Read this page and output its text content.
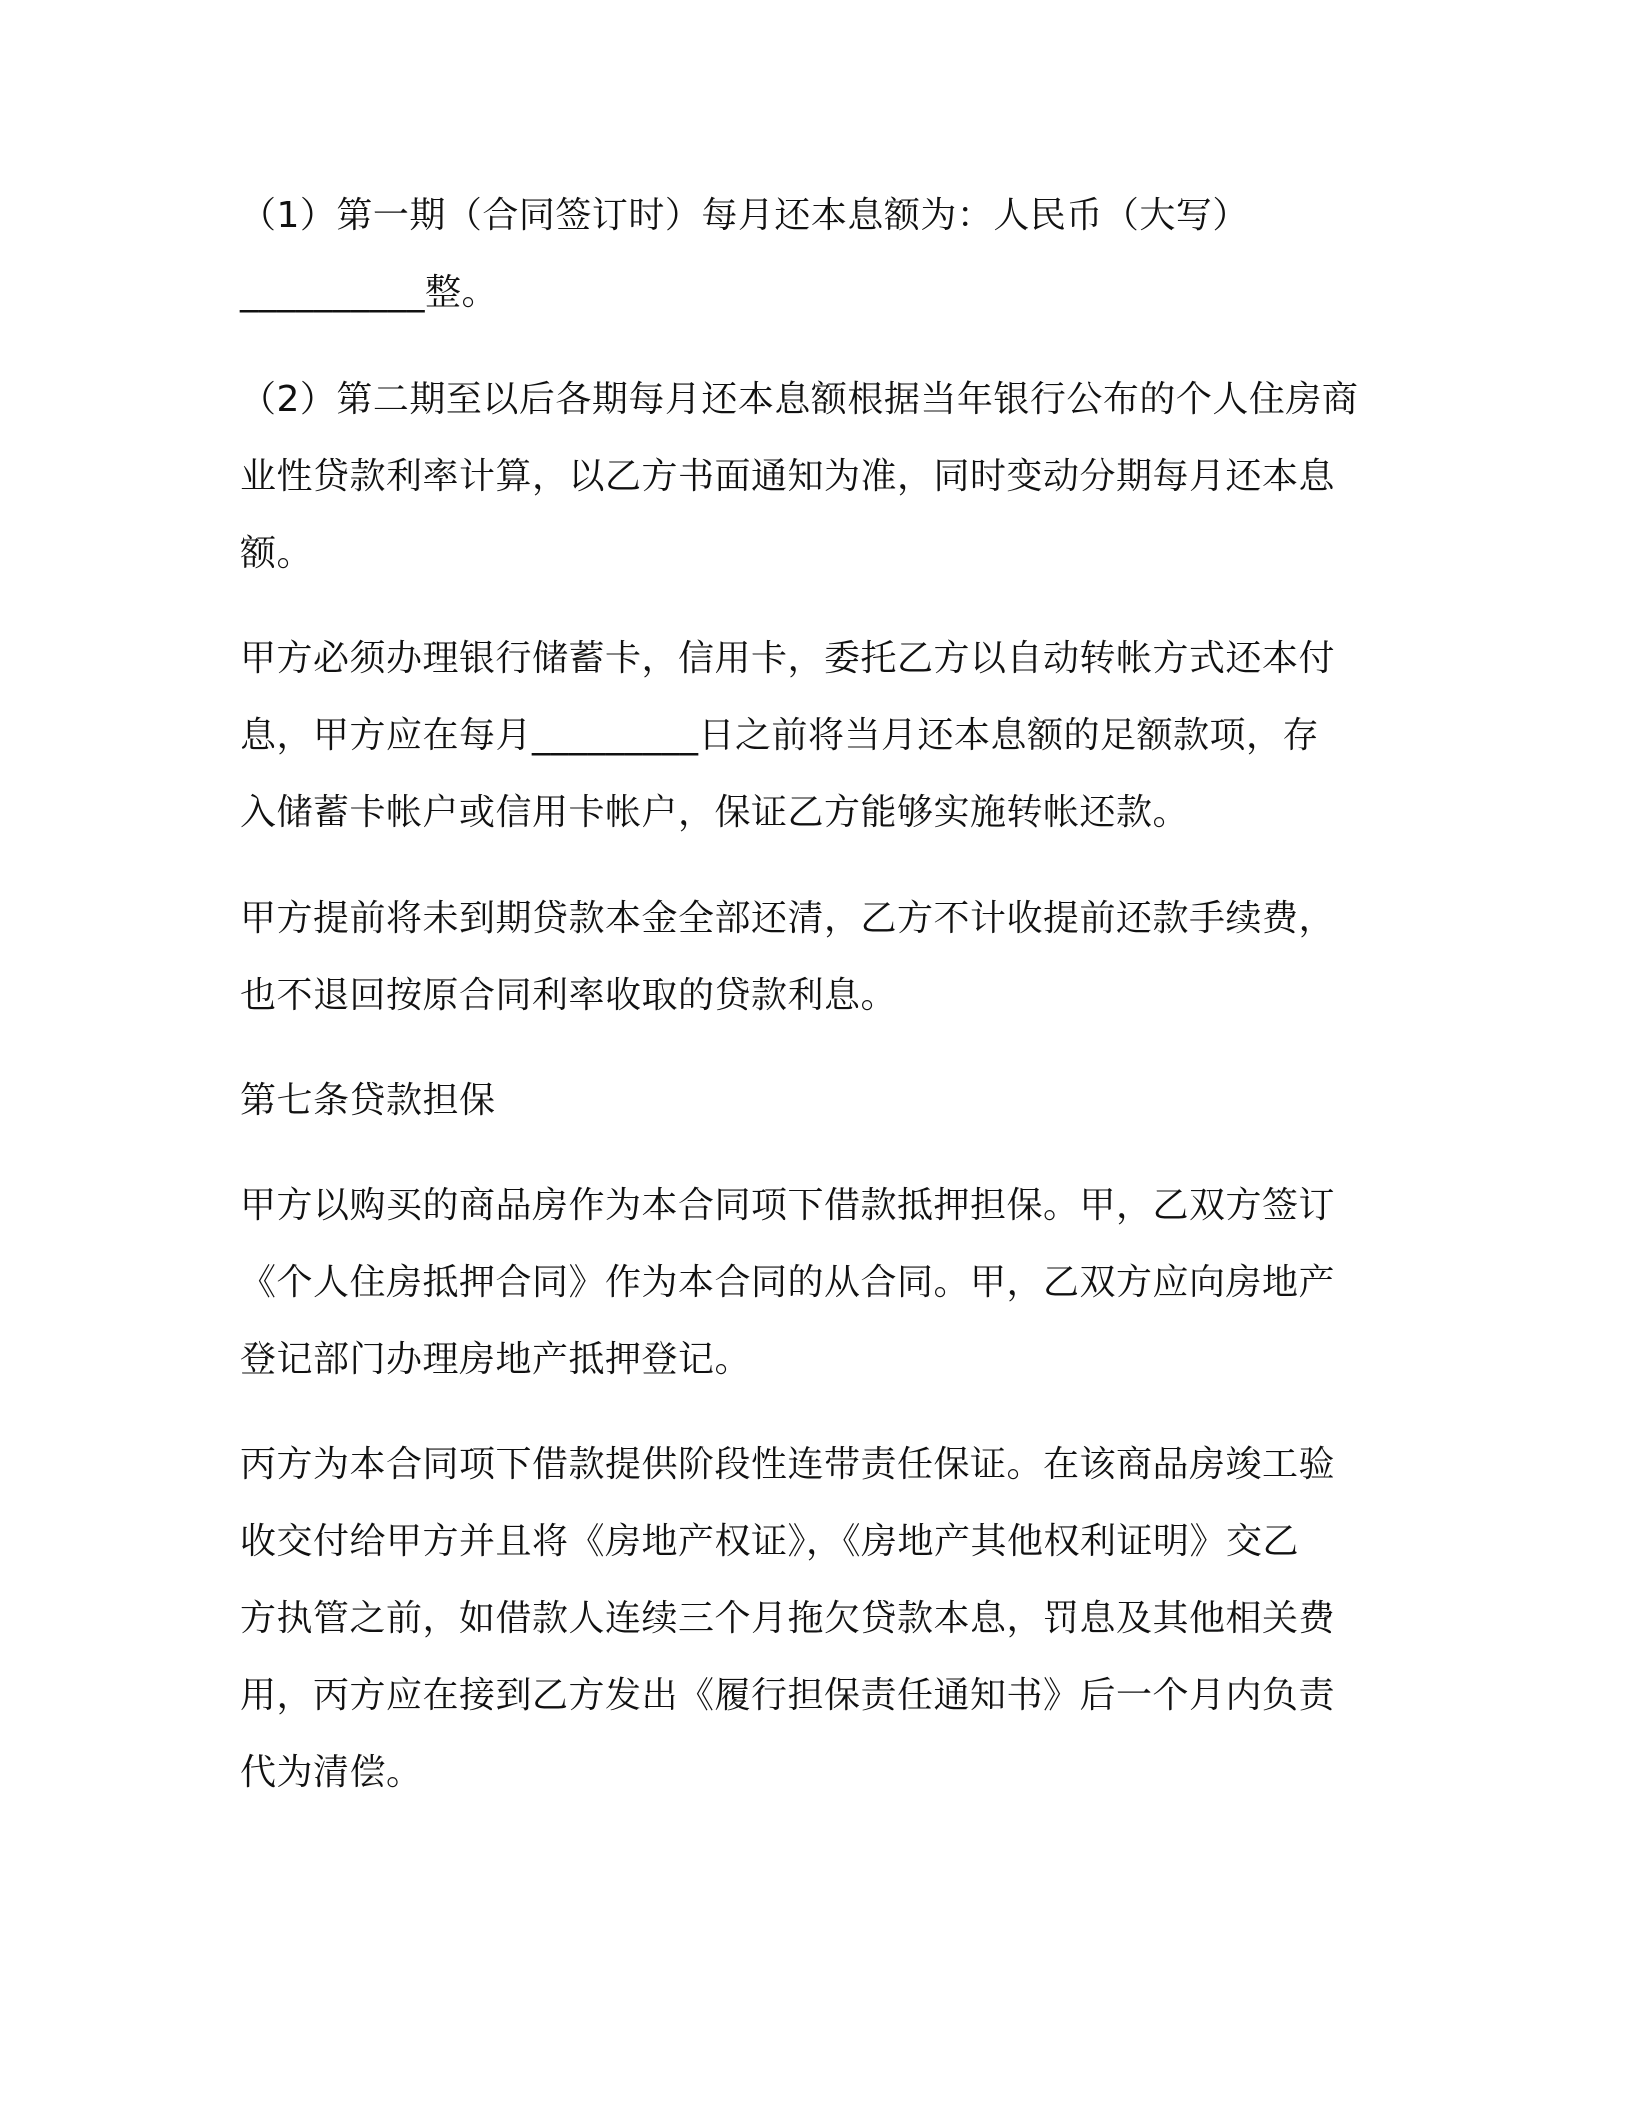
（1）第一期（合同签订时）每月还本息额为：人民币（大写）
__________整。

（2）第二期至以后各期每月还本息额根据当年银行公布的个人住房商
业性贷款利率计算，以乙方书面通知为准，同时变动分期每月还本息
额。

甲方必须办理银行储蓄卡，信用卡，委托乙方以自动转帐方式还本付
息，甲方应在每月_________日之前将当月还本息额的足额款项，存
入储蓄卡帐户或信用卡帐户，保证乙方能够实施转帐还款。

甲方提前将未到期贷款本金全部还清，乙方不计收提前还款手续费，
也不退回按原合同利率收取的贷款利息。

第七条贷款担保

甲方以购买的商品房作为本合同项下借款抵押担保。甲，乙双方签订
《个人住房抵押合同》作为本合同的从合同。甲，乙双方应向房地产
登记部门办理房地产抵押登记。

丙方为本合同项下借款提供阶段性连带责任保证。在该商品房竣工验
收交付给甲方并且将《房地产权证》，《房地产其他权利证明》交乙
方执管之前，如借款人连续三个月拖欠贷款本息，罚息及其他相关费
用，丙方应在接到乙方发出《履行担保责任通知书》后一个月内负责
代为清偿。
